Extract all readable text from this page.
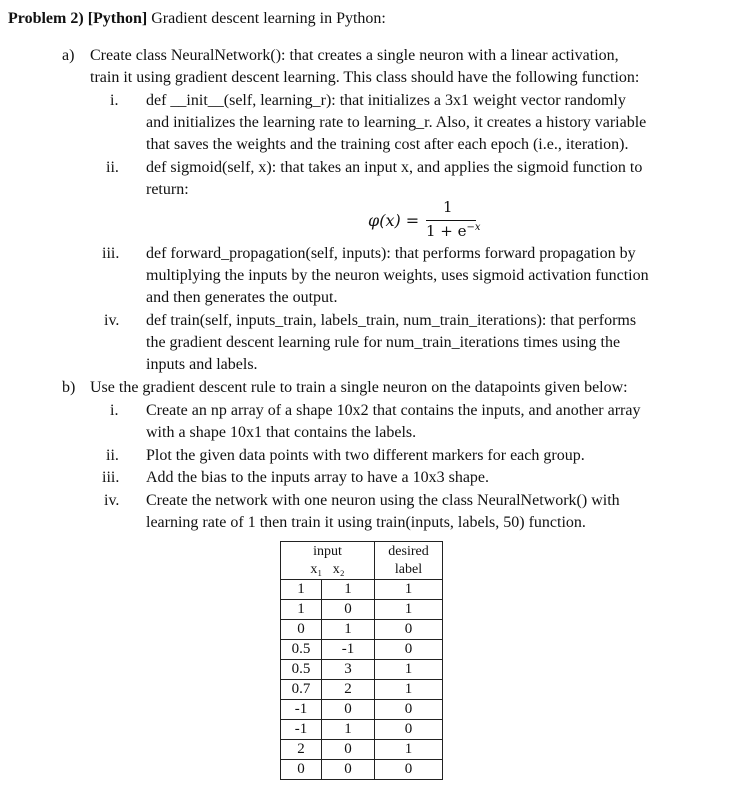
Problem 2) [Python] Gradient descent learning in Python:
a) Create class NeuralNetwork(): that creates a single neuron with a linear activation,
train it using gradient descent learning. This class should have the following function:
i. def __init__(self, learning_r): that initializes a 3x1 weight vector randomly
and initializes the learning rate to learning_r. Also, it creates a history variable
that saves the weights and the training cost after each epoch (i.e., iteration).
ii. def sigmoid(self, x): that takes an input x, and applies the sigmoid function to
return:
φ(x) =
1
$1 + e^{-x}$
iii. def forward_propagation(self, inputs): that performs forward propagation by
multiplying the inputs by the neuron weights, uses sigmoid activation function
and then generates the output.
iv. def train(self, inputs_train, labels_train, num_train_iterations): that performs
the gradient descent learning rule for num_train_iterations times using the
inputs and labels.
b) Use the gradient descent rule to train a single neuron on the datapoints given below:
i. Create an np array of a shape 10x2 that contains the inputs, and another array
with a shape 10x1 that contains the labels.
ii. Plot the given data points with two different markers for each group.
iii. Add the bias to the inputs array to have a 10x3 shape.
iv. Create the network with one neuron using the class NeuralNetwork() with
learning rate of 1 then train it using train(inputs, labels, 50) function.
input
x₁ x₂		desired
label

1	1	1
1	0	1
0	1	0
0.5	-1	0
0.5	3	1
0.7	2	1
-1	0	0
-1	1	0
2	0	1
0	0	0
